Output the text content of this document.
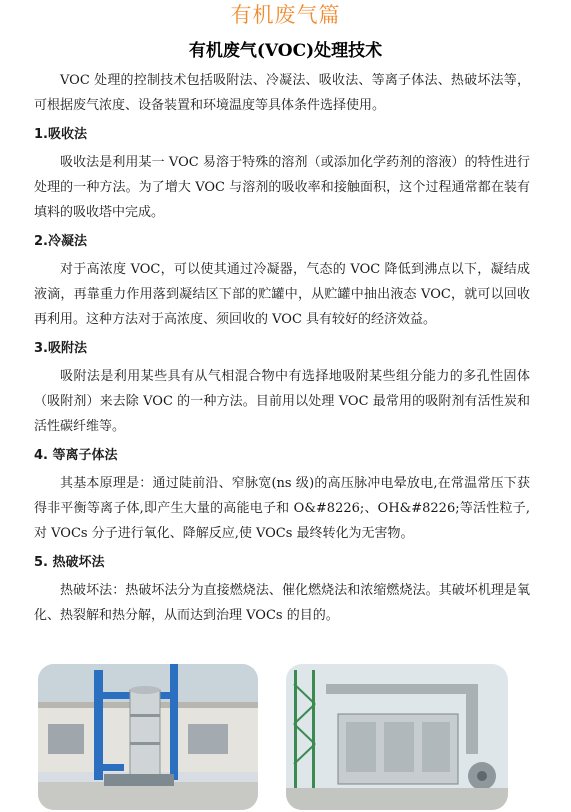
有机废气篇
有机废气(VOC)处理技术

VOC 处理的控制技术包括吸附法、冷凝法、吸收法、等离子体法、热破坏法等，可根据废气浓度、设备装置和环境温度等具体条件选择使用。

1.吸收法

吸收法是利用某一 VOC 易溶于特殊的溶剂（或添加化学药剂的溶液）的特性进行处理的一种方法。为了增大 VOC 与溶剂的吸收率和接触面积，这个过程通常都在装有填料的吸收塔中完成。

2.冷凝法

对于高浓度 VOC，可以使其通过冷凝器，气态的 VOC 降低到沸点以下，凝结成液滴，再靠重力作用落到凝结区下部的贮罐中，从贮罐中抽出液态 VOC，就可以回收再利用。这种方法对于高浓度、须回收的 VOC 具有较好的经济效益。

3.吸附法

吸附法是利用某些具有从气相混合物中有选择地吸附某些组分能力的多孔性固体（吸附剂）来去除 VOC 的一种方法。目前用以处理 VOC 最常用的吸附剂有活性炭和活性碳纤维等。

4. 等离子体法

其基本原理是：通过陡前沿、窄脉宽(ns 级)的高压脉冲电晕放电,在常温常压下获得非平衡等离子体,即产生大量的高能电子和 O&#8226;、OH&#8226;等活性粒子,对 VOCs 分子进行氧化、降解反应,使 VOCs 最终转化为无害物。

5. 热破坏法

热破坏法：热破坏法分为直接燃烧法、催化燃烧法和浓缩燃烧法。其破坏机理是氧化、热裂解和热分解，从而达到治理 VOCs 的目的。
